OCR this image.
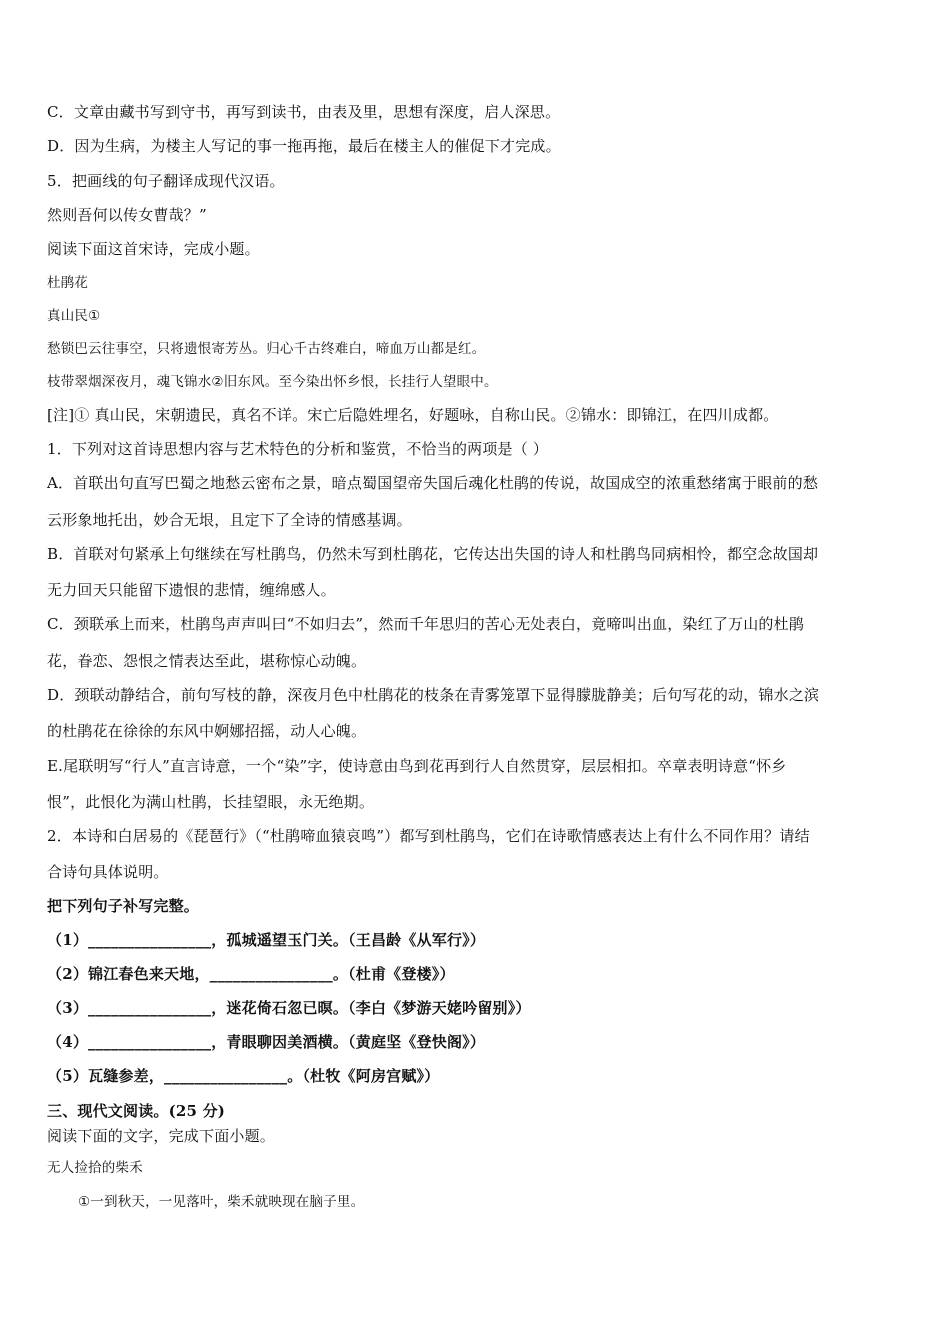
C．文章由藏书写到守书，再写到读书，由表及里，思想有深度，启人深思。
D．因为生病，为楼主人写记的事一拖再拖，最后在楼主人的催促下才完成。
5．把画线的句子翻译成现代汉语。
然则吾何以传女曹哉？”
阅读下面这首宋诗，完成小题。
杜鹃花
真山民①
愁锁巴云往事空，只将遗恨寄芳丛。归心千古终难白，啼血万山都是红。
枝带翠烟深夜月，魂飞锦水②旧东风。至今染出怀乡恨，长挂行人望眼中。
[注]① 真山民，宋朝遗民，真名不详。宋亡后隐姓埋名，好题咏，自称山民。②锦水：即锦江，在四川成都。
1．下列对这首诗思想内容与艺术特色的分析和鉴赏，不恰当的两项是（ ）
A．首联出句直写巴蜀之地愁云密布之景，暗点蜀国望帝失国后魂化杜鹃的传说，故国成空的浓重愁绪寓于眼前的愁
云形象地托出，妙合无垠，且定下了全诗的情感基调。
B．首联对句紧承上句继续在写杜鹃鸟，仍然未写到杜鹃花，它传达出失国的诗人和杜鹃鸟同病相怜，都空念故国却
无力回天只能留下遗恨的悲情，缠绵感人。
C．颈联承上而来，杜鹃鸟声声叫曰“不如归去”，然而千年思归的苦心无处表白，竟啼叫出血，染红了万山的杜鹃
花，眷恋、怨恨之情表达至此，堪称惊心动魄。
D．颈联动静结合，前句写枝的静，深夜月色中杜鹃花的枝条在青雾笼罩下显得朦胧静美；后句写花的动，锦水之滨
的杜鹃花在徐徐的东风中婀娜招摇，动人心魄。
E.尾联明写“行人”直言诗意，一个“染”字，使诗意由鸟到花再到行人自然贯穿，层层相扣。卒章表明诗意“怀乡
恨”，此恨化为满山杜鹃，长挂望眼，永无绝期。
2．本诗和白居易的《琵琶行》（“杜鹃啼血猿哀鸣”）都写到杜鹃鸟，它们在诗歌情感表达上有什么不同作用？请结
合诗句具体说明。
把下列句子补写完整。
（1）________________，孤城遥望玉门关。（王昌龄《从军行》）
（2）锦江春色来天地，________________。（杜甫《登楼》）
（3）________________，迷花倚石忽已暝。（李白《梦游天姥吟留别》）
（4）________________，青眼聊因美酒横。（黄庭坚《登快阁》）
（5）瓦缝参差，________________。（杜牧《阿房宫赋》）
三、现代文阅读。(25 分)
阅读下面的文字，完成下面小题。
无人捡拾的柴禾
①一到秋天，一见落叶，柴禾就映现在脑子里。
